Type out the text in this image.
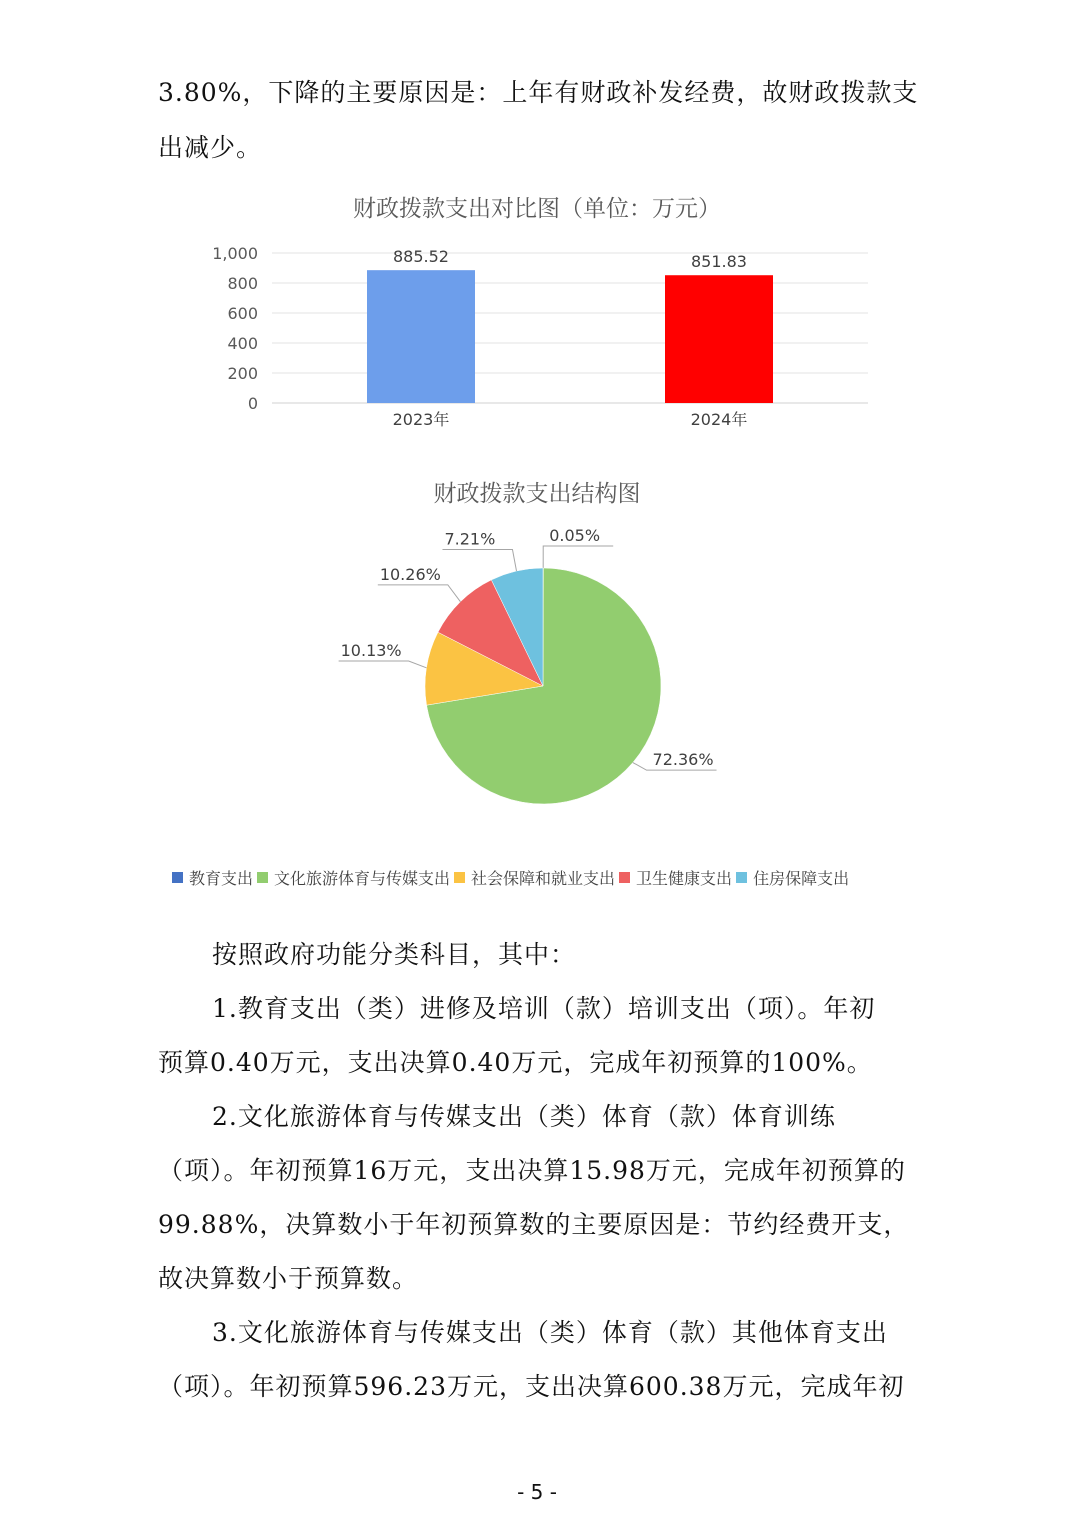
3.80%，下降的主要原因是：上年有财政补发经费，故财政拨款支
出减少。
财政拨款支出对比图（单位：万元）
0
200
400
600
800
1,000	885.52
2023年
851.83
2024年
财政拨款支出结构图
0.05%
72.36%
10.13%
10.26%
7.21%
教育支出 文化旅游体育与传媒支出 社会保障和就业支出 卫生健康支出 住房保障支出
按照政府功能分类科目，其中：
1.教育支出（类）进修及培训（款）培训支出（项）。年初
预算0.40万元，支出决算0.40万元，完成年初预算的100%。
2.文化旅游体育与传媒支出（类）体育（款）体育训练
（项）。年初预算16万元，支出决算15.98万元，完成年初预算的
99.88%，决算数小于年初预算数的主要原因是：节约经费开支，
故决算数小于预算数。
3.文化旅游体育与传媒支出（类）体育（款）其他体育支出
（项）。年初预算596.23万元，支出决算600.38万元，完成年初
- 5 -
